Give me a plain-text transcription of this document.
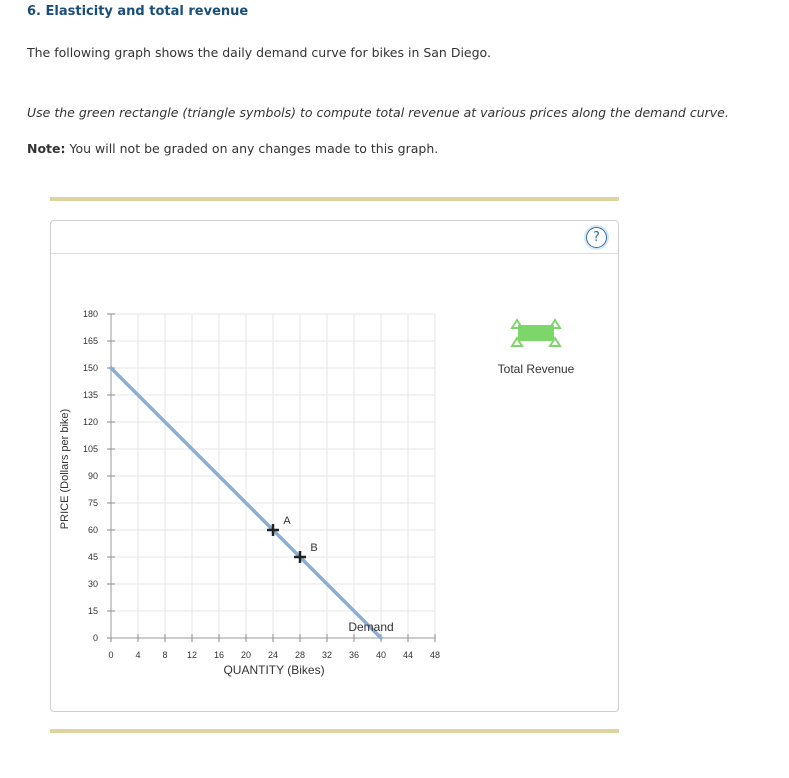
6. Elasticity and total revenue
The following graph shows the daily demand curve for bikes in San Diego.
Use the green rectangle (triangle symbols) to compute total revenue at various prices along the demand curve.
Note: You will not be graded on any changes made to this graph.
?
0
15
30
45
60
75
90
105
120
135
150
165
180
0 4 8 12 16 20 24 28 32 36 40 44 48
Demand
A
B
PRICE (Dollars per bike)
QUANTITY (Bikes)
Total Revenue
